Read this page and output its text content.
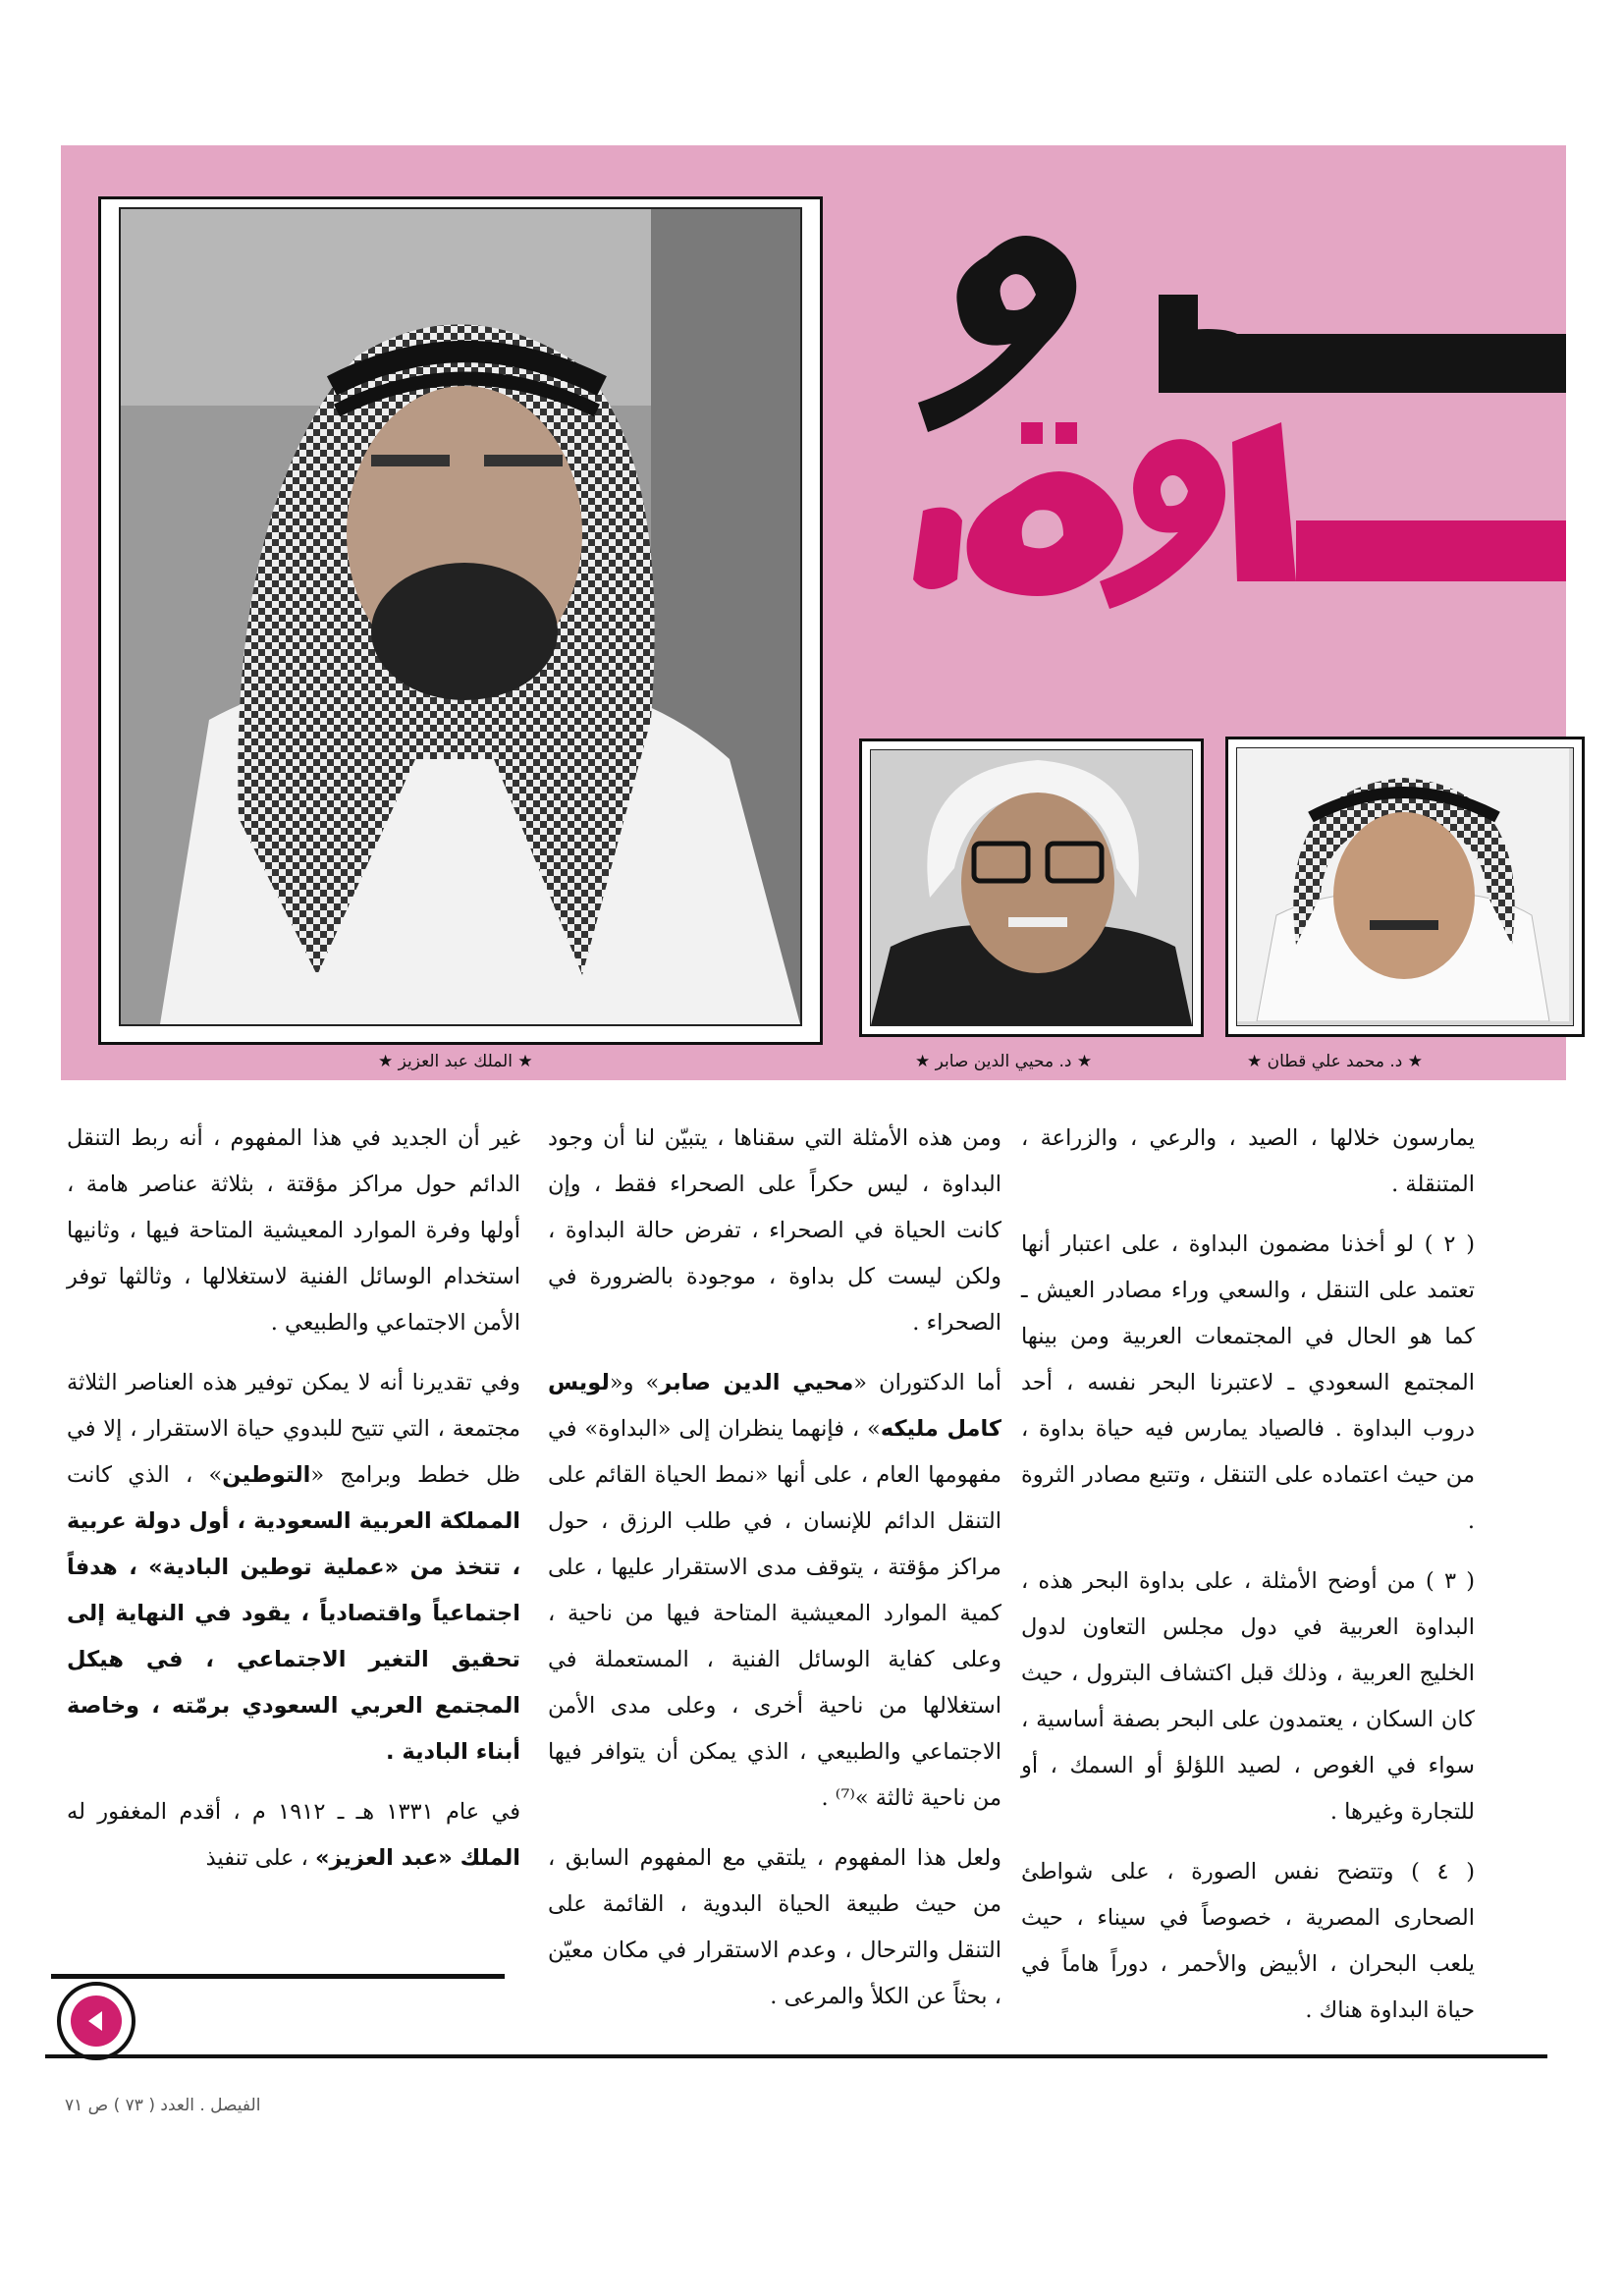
★ د. محمد علي قطان ★
★ د. محيي الدين صابر ★
★ الملك عبد العزيز ★

يمارسون خلالها ، الصيد ، والرعي ، والزراعة ، المتنقلة .

( ٢ ) لو أخذنا مضمون البداوة ، على اعتبار أنها تعتمد على التنقل ، والسعي وراء مصادر العيش ـ كما هو الحال في المجتمعات العربية ومن بينها المجتمع السعودي ـ لاعتبرنا البحر نفسه ، أحد دروب البداوة . فالصياد يمارس فيه حياة بداوة ، من حيث اعتماده على التنقل ، وتتبع مصادر الثروة .

( ٣ ) من أوضح الأمثلة ، على بداوة البحر هذه ، البداوة العربية في دول مجلس التعاون لدول الخليج العربية ، وذلك قبل اكتشاف البترول ، حيث كان السكان ، يعتمدون على البحر بصفة أساسية ، سواء في الغوص ، لصيد اللؤلؤ أو السمك ، أو للتجارة وغيرها .

( ٤ ) وتتضح نفس الصورة ، على شواطئ الصحارى المصرية ، خصوصاً في سيناء ، حيث يلعب البحران ، الأبيض والأحمر ، دوراً هاماً في حياة البداوة هناك .

ومن هذه الأمثلة التي سقناها ، يتبيّن لنا أن وجود البداوة ، ليس حكراً على الصحراء فقط ، وإن كانت الحياة في الصحراء ، تفرض حالة البداوة ، ولكن ليست كل بداوة ، موجودة بالضرورة في الصحراء .

أما الدكتوران «محيي الدين صابر» و«لويس كامل مليكه» ، فإنهما ينظران إلى «البداوة» في مفهومها العام ، على أنها «نمط الحياة القائم على التنقل الدائم للإنسان ، في طلب الرزق ، حول مراكز مؤقتة ، يتوقف مدى الاستقرار عليها ، على كمية الموارد المعيشية المتاحة فيها من ناحية ، وعلى كفاية الوسائل الفنية ، المستعملة في استغلالها من ناحية أخرى ، وعلى مدى الأمن الاجتماعي والطبيعي ، الذي يمكن أن يتوافر فيها من ناحية ثالثة »⁽⁷⁾ .

ولعل هذا المفهوم ، يلتقي مع المفهوم السابق ، من حيث طبيعة الحياة البدوية ، القائمة على التنقل والترحال ، وعدم الاستقرار في مكان معيّن ، بحثاً عن الكلأ والمرعى .

غير أن الجديد في هذا المفهوم ، أنه ربط التنقل الدائم حول مراكز مؤقتة ، بثلاثة عناصر هامة ، أولها وفرة الموارد المعيشية المتاحة فيها ، وثانيها استخدام الوسائل الفنية لاستغلالها ، وثالثها توفر الأمن الاجتماعي والطبيعي .

وفي تقديرنا أنه لا يمكن توفير هذه العناصر الثلاثة مجتمعة ، التي تتيح للبدوي حياة الاستقرار ، إلا في ظل خطط وبرامج «التوطين» ، الذي كانت المملكة العربية السعودية ، أول دولة عربية ، تتخذ من «عملية توطين البادية» ، هدفاً اجتماعياً واقتصادياً ، يقود في النهاية إلى تحقيق التغير الاجتماعي ، في هيكل المجتمع العربي السعودي برمّته ، وخاصة أبناء البادية .

في عام ١٣٣١ هـ ـ ١٩١٢ م ، أقدم المغفور له الملك «عبد العزيز» ، على تنفيذ

الفيصل . العدد ( ٧٣ ) ص ٧١
